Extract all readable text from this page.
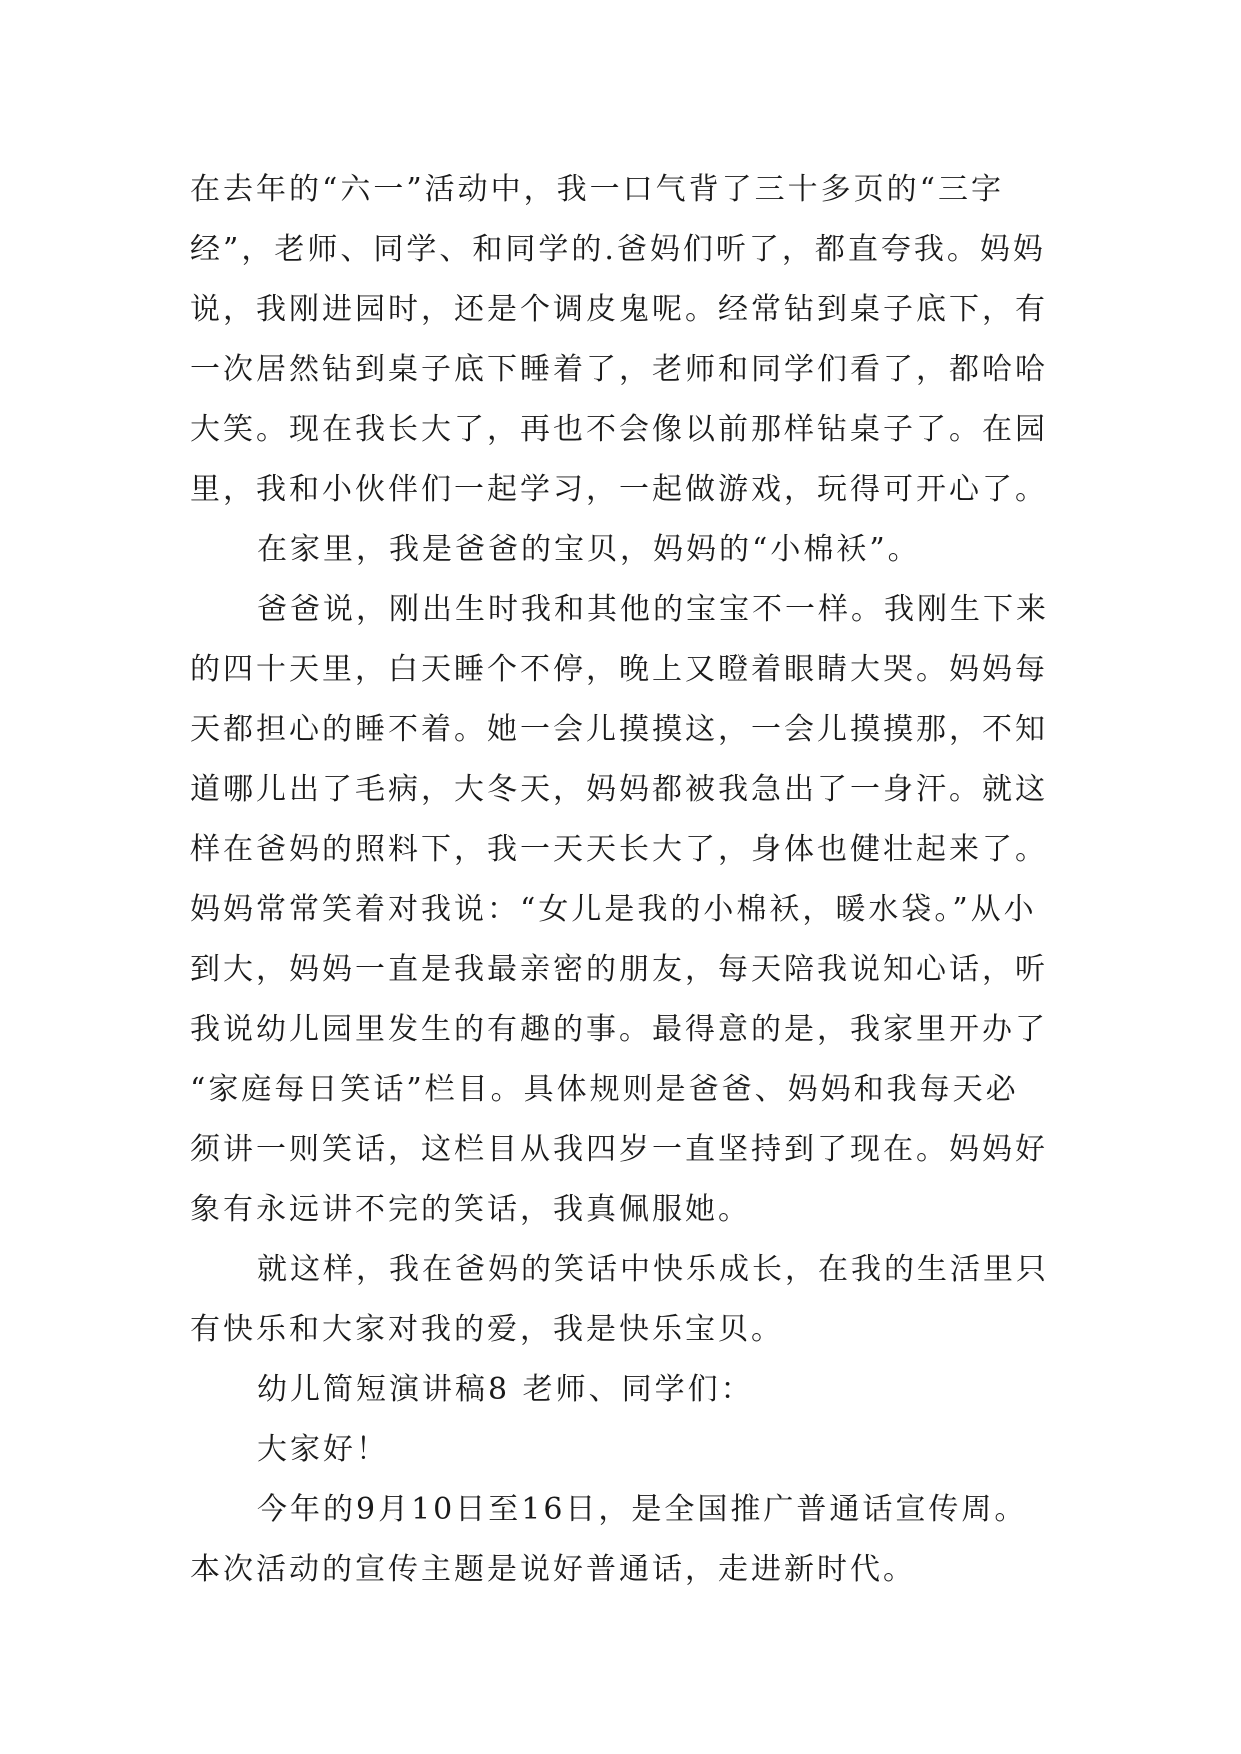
在去年的“六一”活动中，我一口气背了三十多页的“三字
经”，老师、同学、和同学的.爸妈们听了，都直夸我。妈妈
说，我刚进园时，还是个调皮鬼呢。经常钻到桌子底下，有
一次居然钻到桌子底下睡着了，老师和同学们看了，都哈哈
大笑。现在我长大了，再也不会像以前那样钻桌子了。在园
里，我和小伙伴们一起学习，一起做游戏，玩得可开心了。
在家里，我是爸爸的宝贝，妈妈的“小棉袄”。
爸爸说，刚出生时我和其他的宝宝不一样。我刚生下来
的四十天里，白天睡个不停，晚上又瞪着眼睛大哭。妈妈每
天都担心的睡不着。她一会儿摸摸这，一会儿摸摸那，不知
道哪儿出了毛病，大冬天，妈妈都被我急出了一身汗。就这
样在爸妈的照料下，我一天天长大了，身体也健壮起来了。
妈妈常常笑着对我说：“女儿是我的小棉袄，暖水袋。”从小
到大，妈妈一直是我最亲密的朋友，每天陪我说知心话，听
我说幼儿园里发生的有趣的事。最得意的是，我家里开办了
“家庭每日笑话”栏目。具体规则是爸爸、妈妈和我每天必
须讲一则笑话，这栏目从我四岁一直坚持到了现在。妈妈好
象有永远讲不完的笑话，我真佩服她。
就这样，我在爸妈的笑话中快乐成长，在我的生活里只
有快乐和大家对我的爱，我是快乐宝贝。
幼儿简短演讲稿8 老师、同学们：
大家好！
今年的9月10日至16日，是全国推广普通话宣传周。
本次活动的宣传主题是说好普通话，走进新时代。
